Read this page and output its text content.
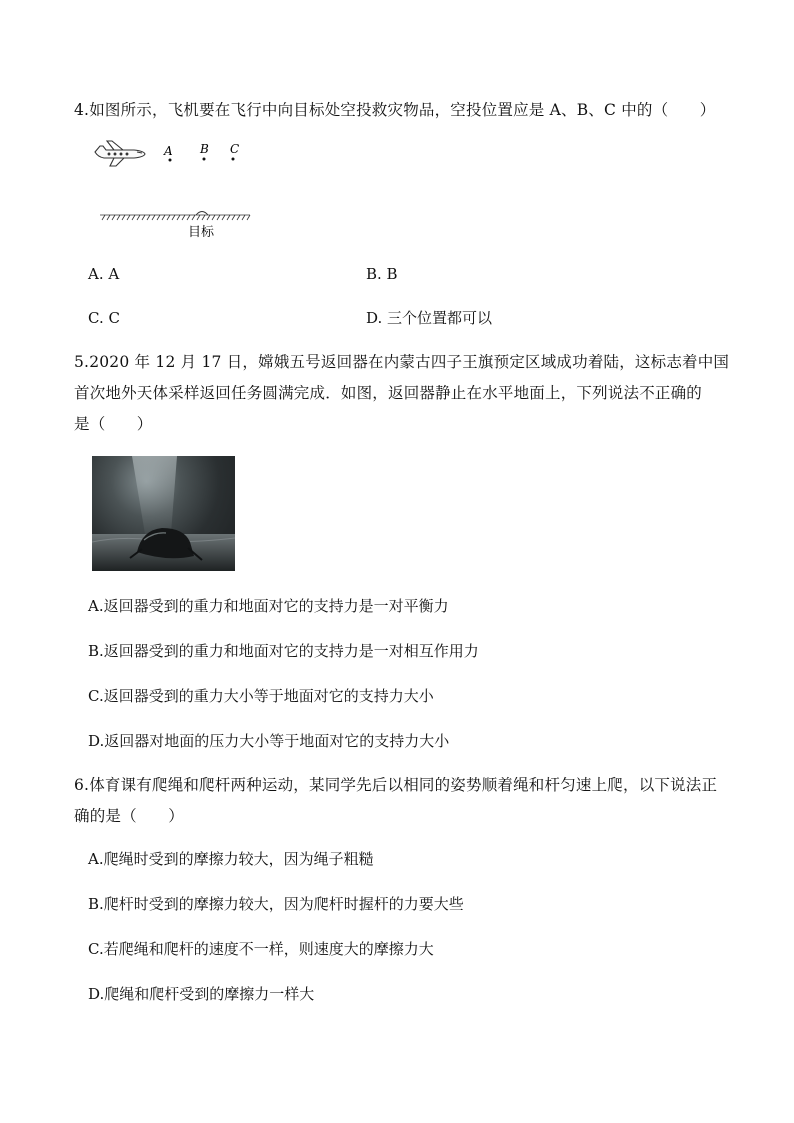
4.如图所示，飞机要在飞行中向目标处空投救灾物品，空投位置应是 A、B、C 中的（　　）
A B C
目标
A. A	B. B
C. C	D. 三个位置都可以
5.2020 年 12 月 17 日，嫦娥五号返回器在内蒙古四子王旗预定区域成功着陆，这标志着中国
首次地外天体采样返回任务圆满完成．如图，返回器静止在水平地面上，下列说法不正确的
是（　　）
A.返回器受到的重力和地面对它的支持力是一对平衡力
B.返回器受到的重力和地面对它的支持力是一对相互作用力
C.返回器受到的重力大小等于地面对它的支持力大小
D.返回器对地面的压力大小等于地面对它的支持力大小
6.体育课有爬绳和爬杆两种运动，某同学先后以相同的姿势顺着绳和杆匀速上爬，以下说法正
确的是（　　）
A.爬绳时受到的摩擦力较大，因为绳子粗糙
B.爬杆时受到的摩擦力较大，因为爬杆时握杆的力要大些
C.若爬绳和爬杆的速度不一样，则速度大的摩擦力大
D.爬绳和爬杆受到的摩擦力一样大
